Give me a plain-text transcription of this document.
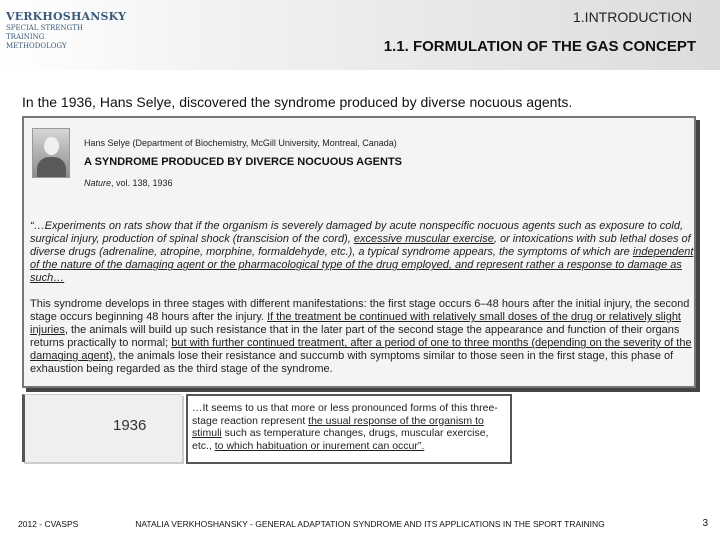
VERKHOSHANSKY
SPECIAL STRENGTH TRAINING
METHODOLOGY
1.INTRODUCTION
1.1. FORMULATION OF THE GAS CONCEPT
In the 1936, Hans Selye, discovered the syndrome produced by diverse nocuous agents.
Hans Selye (Department of Biochemistry, McGill University, Montreal, Canada)
A SYNDROME PRODUCED BY DIVERCE NOCUOUS AGENTS
Nature, vol. 138, 1936

“…Experiments on rats show that if the organism is severely damaged by acute nonspecific nocuous agents such as exposure to cold, surgical injury, production of spinal shock (transcision of the cord), excessive muscular exercise, or intoxications with sub lethal doses of diverse drugs (adrenaline, atropine, morphine, formaldehyde, etc.), a typical syndrome appears, the symptoms of which are independent of the nature of the damaging agent or the pharmacological type of the drug employed, and represent rather a response to damage as such…

This syndrome develops in three stages with different manifestations: the first stage occurs 6–48 hours after the initial injury, the second stage occurs beginning 48 hours after the injury. If the treatment be continued with relatively small doses of the drug or relatively slight injuries, the animals will build up such resistance that in the later part of the second stage the appearance and function of their organs returns practically to normal; but with further continued treatment, after a period of one to three months (depending on the severity of the damaging agent), the animals lose their resistance and succumb with symptoms similar to those seen in the first stage, this phase of exhaustion being regarded as the third stage of the syndrome.

1936

…It seems to us that more or less pronounced forms of this three-stage reaction represent the usual response of the organism to stimuli such as temperature changes, drugs, muscular exercise, etc., to which habituation or inurement can occur”.

2012 - CVASPS	NATALIA VERKHOSHANSKY - GENERAL ADAPTATION SYNDROME AND ITS APPLICATIONS IN THE SPORT TRAINING	3
